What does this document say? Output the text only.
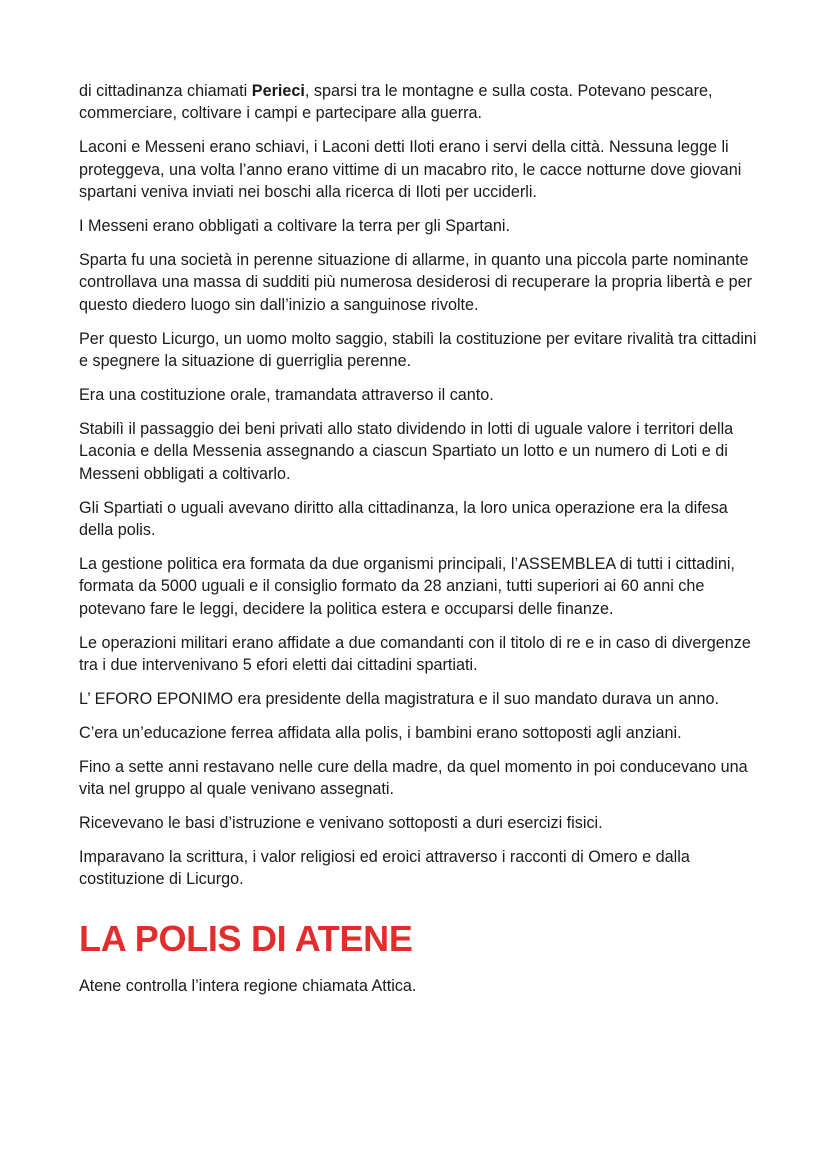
di cittadinanza chiamati Perieci, sparsi tra le montagne e sulla costa. Potevano pescare, commerciare, coltivare i campi e partecipare alla guerra.

Laconi e Messeni erano schiavi, i Laconi detti Iloti erano i servi della città. Nessuna legge li proteggeva, una volta l’anno erano vittime di un macabro rito, le cacce notturne dove giovani spartani veniva inviati nei boschi alla ricerca di Iloti per ucciderli.

I Messeni erano obbligati a coltivare la terra per gli Spartani.

Sparta fu una società in perenne situazione di allarme, in quanto una piccola parte nominante controllava una massa di sudditi più numerosa desiderosi di recuperare la propria libertà e per questo diedero luogo sin dall’inizio a sanguinose rivolte.

Per questo Licurgo, un uomo molto saggio, stabilì la costituzione per evitare rivalità tra cittadini e spegnere la situazione di guerriglia perenne.

Era una costituzione orale, tramandata attraverso il canto.

Stabilì il passaggio dei beni privati allo stato dividendo in lotti di uguale valore i territori della Laconia e della Messenia assegnando a ciascun Spartiato un lotto e un numero di Loti e di Messeni obbligati a coltivarlo.

Gli Spartiati o uguali avevano diritto alla cittadinanza, la loro unica operazione era la difesa della polis.

La gestione politica era formata da due organismi principali, l’ASSEMBLEA di tutti i cittadini, formata da 5000 uguali e il consiglio formato da 28 anziani, tutti superiori ai 60 anni che potevano fare le leggi, decidere la politica estera e occuparsi delle finanze.

Le operazioni militari erano affidate a due comandanti con il titolo di re e in caso di divergenze tra i due intervenivano 5 efori eletti dai cittadini spartiati.

L’ EFORO EPONIMO era presidente della magistratura e il suo mandato durava un anno.

C’era un’educazione ferrea affidata alla polis, i bambini erano sottoposti agli anziani.

Fino a sette anni restavano nelle cure della madre, da quel momento in poi conducevano una vita nel gruppo al quale venivano assegnati.

Ricevevano le basi d’istruzione e venivano sottoposti a duri esercizi fisici.

Imparavano la scrittura, i valor religiosi ed eroici attraverso i racconti di Omero e dalla costituzione di Licurgo.

LA POLIS DI ATENE

Atene controlla l’intera regione chiamata Attica.
